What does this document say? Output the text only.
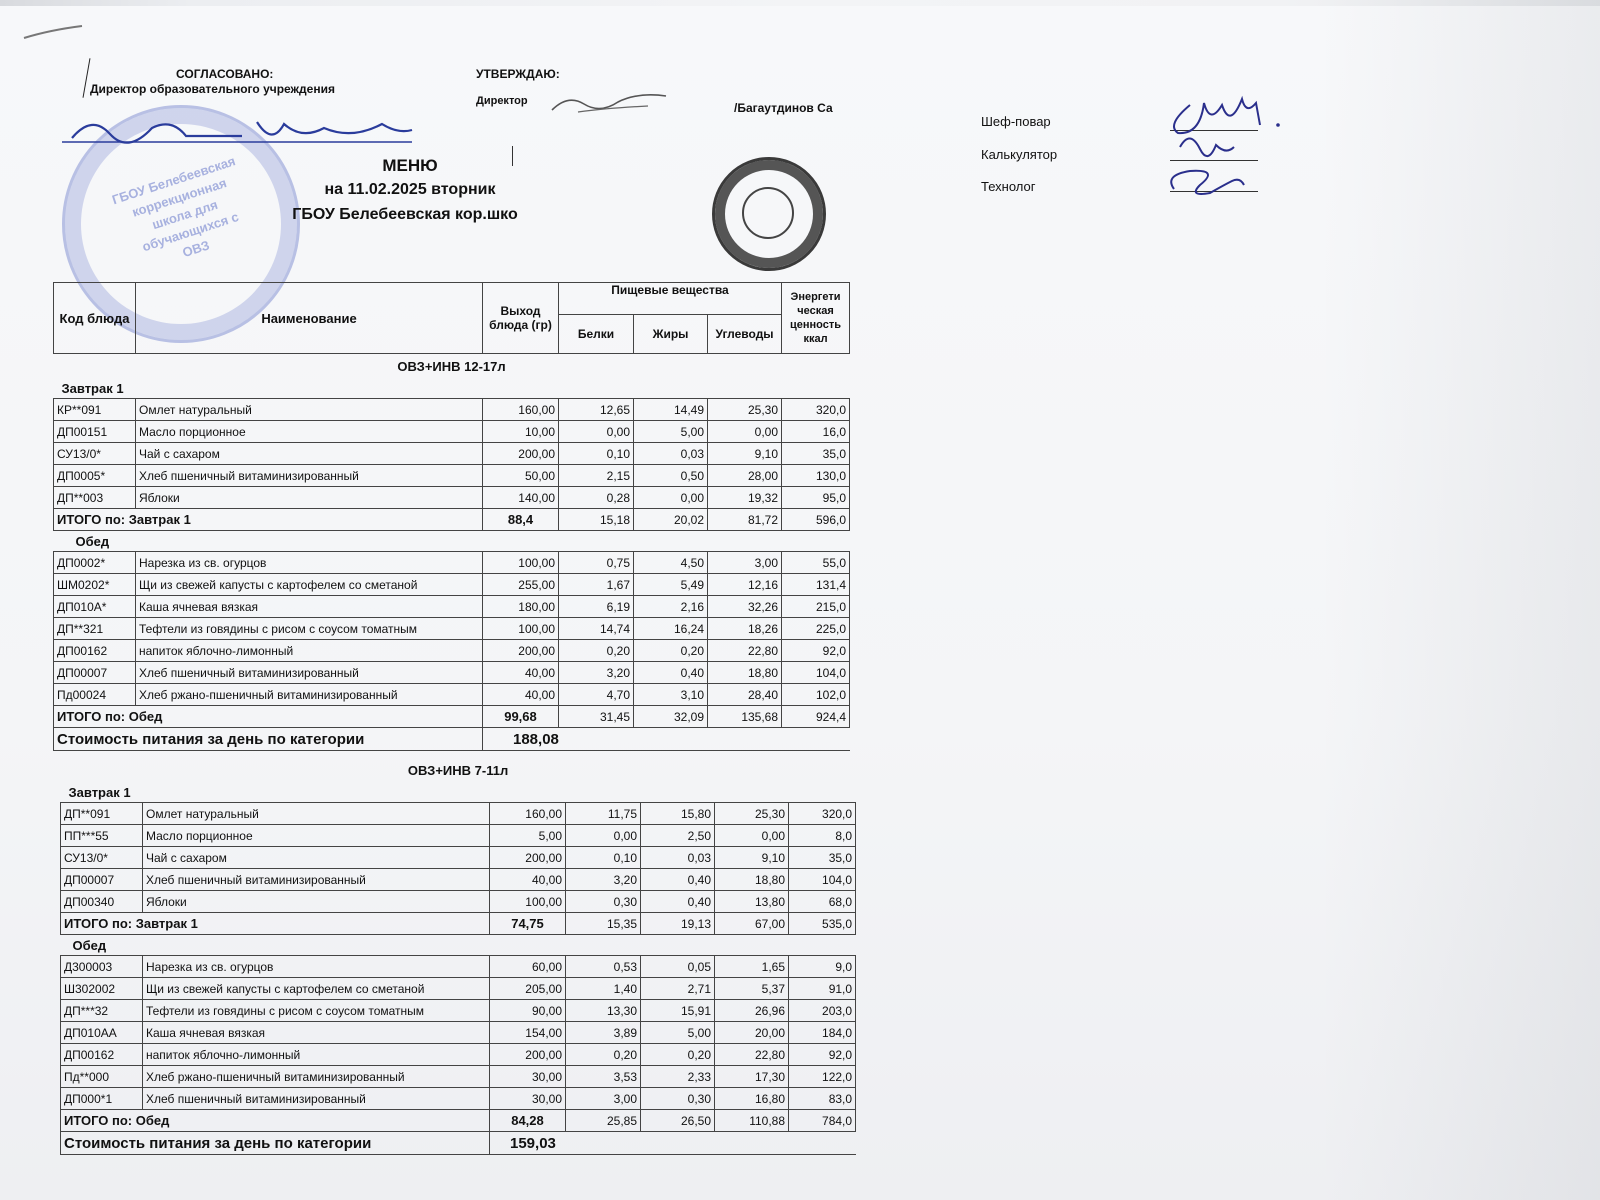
СОГЛАСОВАНО:
Директор образовательного учреждения
УТВЕРЖДАЮ:
Директор	/Багаутдинов Са
ГБОУ Белебеевская коррекционная школа для обучающихся с ОВЗ
МЕНЮ
на 11.02.2025 вторник
ГБОУ Белебеевская кор.шко
Шеф-повар
Калькулятор
Технолог
Код блюда	Наименование	Выход блюда (гр)	Пищевые вещества			Энергети ческая ценность ккал
			Белки	Жиры	Углеводы	
ОВЗ+ИНВ 12-17л						
Завтрак 1						
КР**091	Омлет натуральный	160,00	12,65	14,49	25,30	320,0
ДП00151	Масло порционное	10,00	0,00	5,00	0,00	16,0
СУ13/0*	Чай с сахаром	200,00	0,10	0,03	9,10	35,0
ДП0005*	Хлеб пшеничный витаминизированный	50,00	2,15	0,50	28,00	130,0
ДП**003	Яблоки	140,00	0,28	0,00	19,32	95,0
ИТОГО по: Завтрак 1		88,4	15,18	20,02	81,72	596,0
Обед						
ДП0002*	Нарезка из св. огурцов	100,00	0,75	4,50	3,00	55,0
ШМ0202*	Щи из свежей капусты с картофелем со сметаной	255,00	1,67	5,49	12,16	131,4
ДП010А*	Каша ячневая вязкая	180,00	6,19	2,16	32,26	215,0
ДП**321	Тефтели из говядины с рисом с соусом томатным	100,00	14,74	16,24	18,26	225,0
ДП00162	напиток яблочно-лимонный	200,00	0,20	0,20	22,80	92,0
ДП00007	Хлеб пшеничный витаминизированный	40,00	3,20	0,40	18,80	104,0
Пд00024	Хлеб ржано-пшеничный витаминизированный	40,00	4,70	3,10	28,40	102,0
ИТОГО по: Обед		99,68	31,45	32,09	135,68	924,4
Стоимость питания за день по категории		188,08				
ОВЗ+ИНВ 7-11л						
Завтрак 1						
ДП**091	Омлет натуральный	160,00	11,75	15,80	25,30	320,0
ПП***55	Масло порционное	5,00	0,00	2,50	0,00	8,0
СУ13/0*	Чай с сахаром	200,00	0,10	0,03	9,10	35,0
ДП00007	Хлеб пшеничный витаминизированный	40,00	3,20	0,40	18,80	104,0
ДП00340	Яблоки	100,00	0,30	0,40	13,80	68,0
ИТОГО по: Завтрак 1		74,75	15,35	19,13	67,00	535,0
Обед						
Д300003	Нарезка из св. огурцов	60,00	0,53	0,05	1,65	9,0
Ш302002	Щи из свежей капусты с картофелем со сметаной	205,00	1,40	2,71	5,37	91,0
ДП***32	Тефтели из говядины с рисом с соусом томатным	90,00	13,30	15,91	26,96	203,0
ДП010АА	Каша ячневая вязкая	154,00	3,89	5,00	20,00	184,0
ДП00162	напиток яблочно-лимонный	200,00	0,20	0,20	22,80	92,0
Пд**000	Хлеб ржано-пшеничный витаминизированный	30,00	3,53	2,33	17,30	122,0
ДП000*1	Хлеб пшеничный витаминизированный	30,00	3,00	0,30	16,80	83,0
ИТОГО по: Обед		84,28	25,85	26,50	110,88	784,0
Стоимость питания за день по категории		159,03				
